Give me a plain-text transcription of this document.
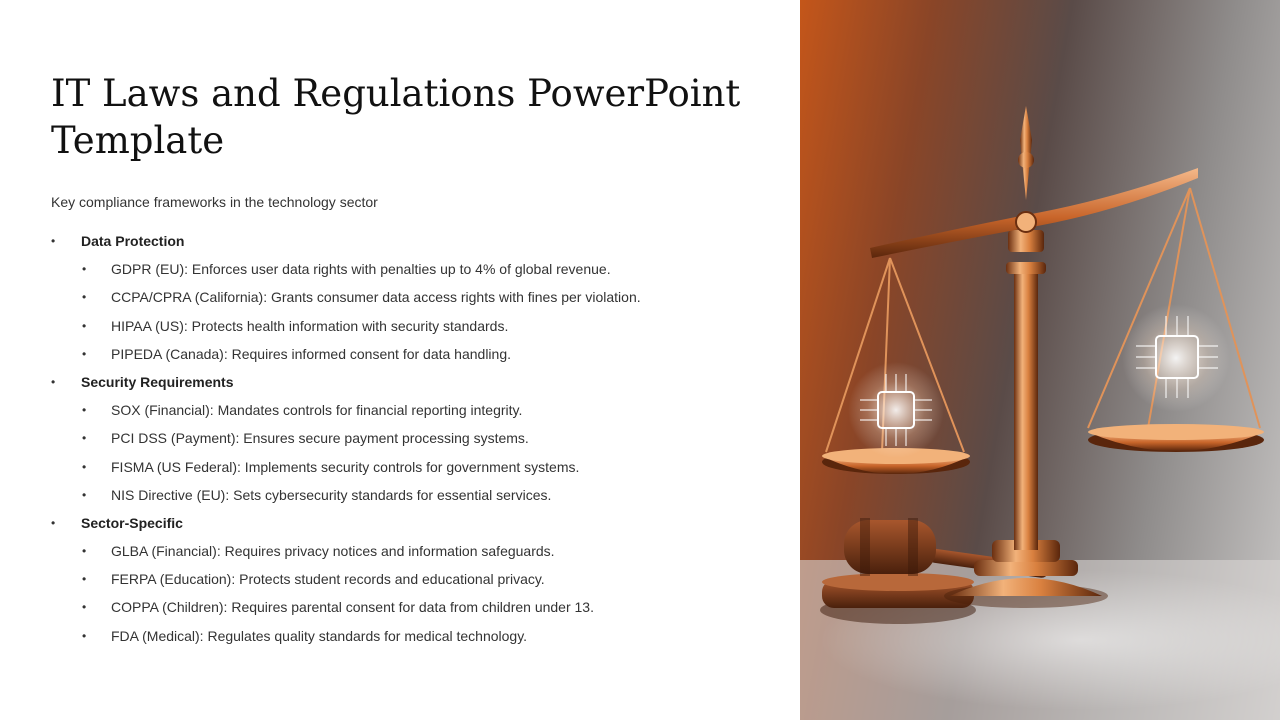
IT Laws and Regulations PowerPoint Template

Key compliance frameworks in the technology sector

• Data Protection
• GDPR (EU): Enforces user data rights with penalties up to 4% of global revenue.
• CCPA/CPRA (California): Grants consumer data access rights with fines per violation.
• HIPAA (US): Protects health information with security standards.
• PIPEDA (Canada): Requires informed consent for data handling.
• Security Requirements
• SOX (Financial): Mandates controls for financial reporting integrity.
• PCI DSS (Payment): Ensures secure payment processing systems.
• FISMA (US Federal): Implements security controls for government systems.
• NIS Directive (EU): Sets cybersecurity standards for essential services.
• Sector-Specific
• GLBA (Financial): Requires privacy notices and information safeguards.
• FERPA (Education): Protects student records and educational privacy.
• COPPA (Children): Requires parental consent for data from children under 13.
• FDA (Medical): Regulates quality standards for medical technology.
